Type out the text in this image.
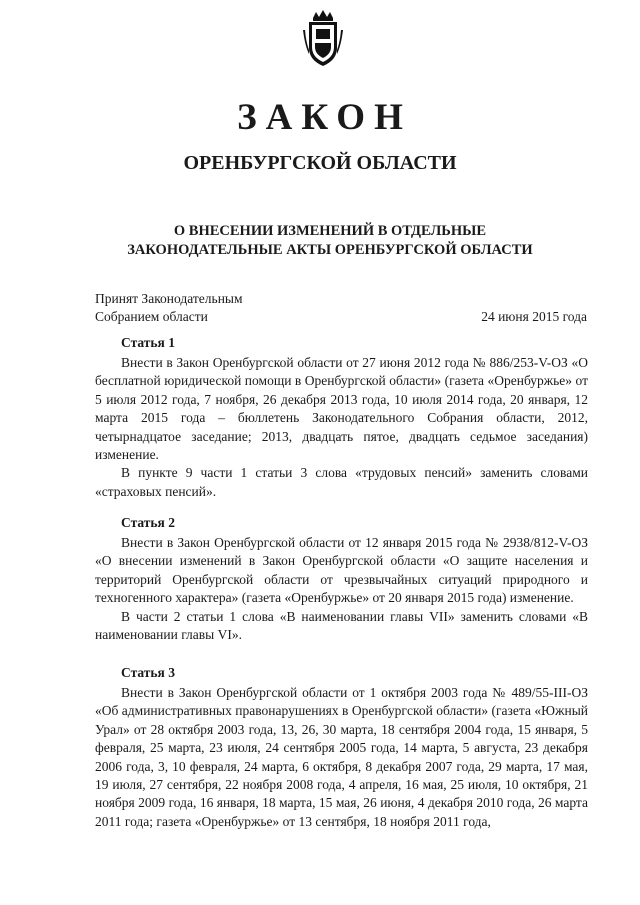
ЗАКОН
ОРЕНБУРГСКОЙ ОБЛАСТИ
О ВНЕСЕНИИ ИЗМЕНЕНИЙ В ОТДЕЛЬНЫЕ
ЗАКОНОДАТЕЛЬНЫЕ АКТЫ ОРЕНБУРГСКОЙ ОБЛАСТИ
Принят Законодательным
Собранием области	24 июня 2015 года
Статья 1

Внести в Закон Оренбургской области от 27 июня 2012 года № 886/253-V-ОЗ «О бесплатной юридической помощи в Оренбургской области» (газета «Оренбуржье» от 5 июля 2012 года, 7 ноября, 26 декабря 2013 года, 10 июля 2014 года, 20 января, 12 марта 2015 года – бюллетень Законодательного Собрания области, 2012, четырнадцатое заседание; 2013, двадцать пятое, двадцать седьмое заседания) изменение.

В пункте 9 части 1 статьи 3 слова «трудовых пенсий» заменить словами «страховых пенсий».

Статья 2

Внести в Закон Оренбургской области от 12 января 2015 года № 2938/812-V-ОЗ «О внесении изменений в Закон Оренбургской области «О защите населения и территорий Оренбургской области от чрезвычайных ситуаций природного и техногенного характера» (газета «Оренбуржье» от 20 января 2015 года) изменение.

В части 2 статьи 1 слова «В наименовании главы VII» заменить словами «В наименовании главы VI».

Статья 3

Внести в Закон Оренбургской области от 1 октября 2003 года № 489/55-III-ОЗ «Об административных правонарушениях в Оренбургской области» (газета «Южный Урал» от 28 октября 2003 года, 13, 26, 30 марта, 18 сентября 2004 года, 15 января, 5 февраля, 25 марта, 23 июля, 24 сентября 2005 года, 14 марта, 5 августа, 23 декабря 2006 года, 3, 10 февраля, 24 марта, 6 октября, 8 декабря 2007 года, 29 марта, 17 мая, 19 июля, 27 сентября, 22 ноября 2008 года, 4 апреля, 16 мая, 25 июля, 10 октября, 21 ноября 2009 года, 16 января, 18 марта, 15 мая, 26 июня, 4 декабря 2010 года, 26 марта 2011 года; газета «Оренбуржье» от 13 сентября, 18 ноября 2011 года,
